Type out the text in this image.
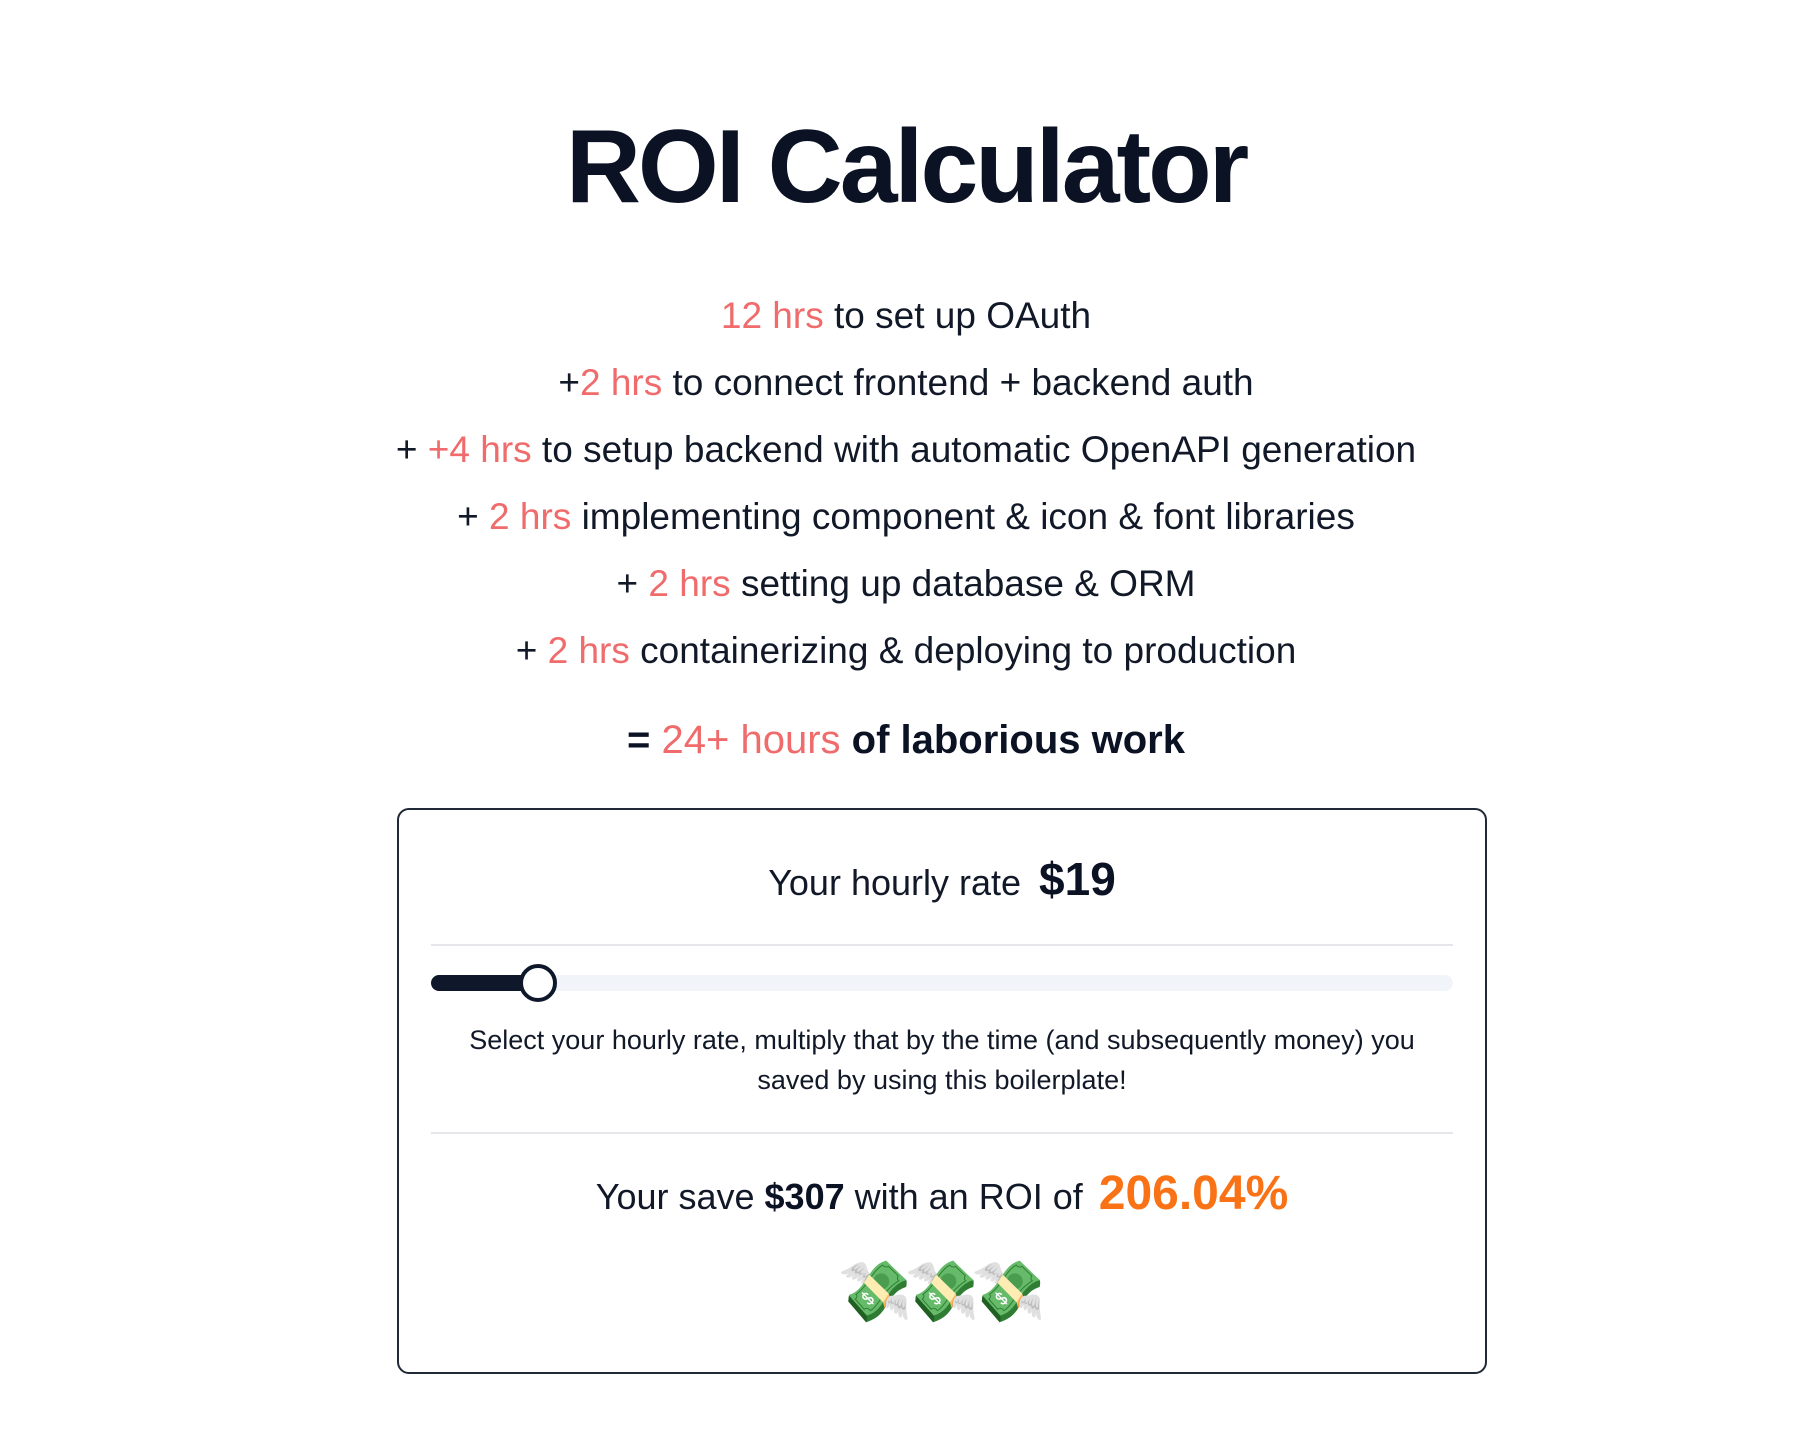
ROI Calculator
12 hrs to set up OAuth
+2 hrs to connect frontend + backend auth
+ +4 hrs to setup backend with automatic OpenAPI generation
+ 2 hrs implementing component & icon & font libraries
+ 2 hrs setting up database & ORM
+ 2 hrs containerizing & deploying to production
= 24+ hours of laborious work
Your hourly rate $19
Select your hourly rate, multiply that by the time (and subsequently money) you saved by using this boilerplate!
Your save $307 with an ROI of 206.04%
💸💸💸
